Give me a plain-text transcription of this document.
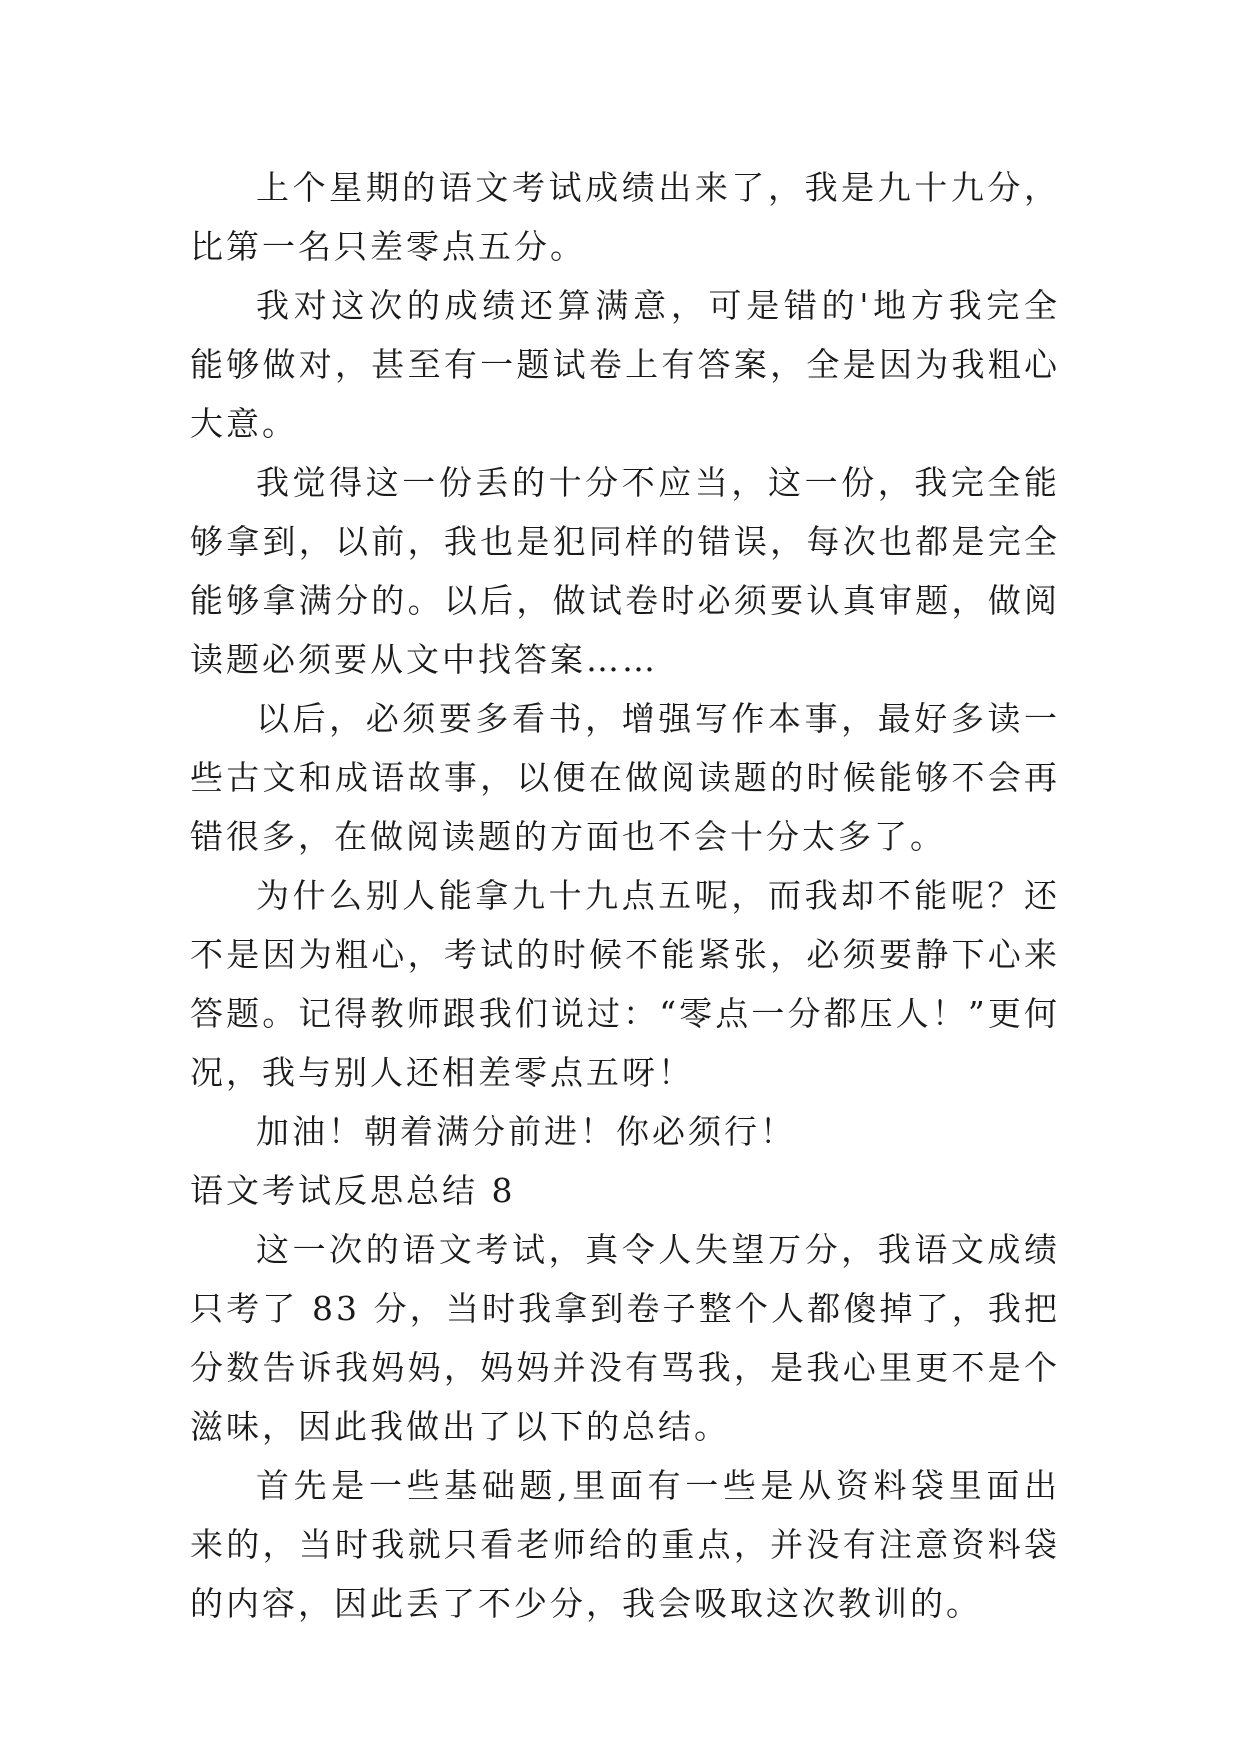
上个星期的语文考试成绩出来了，我是九十九分，比第一名只差零点五分。

我对这次的成绩还算满意，可是错的'地方我完全能够做对，甚至有一题试卷上有答案，全是因为我粗心大意。

我觉得这一份丢的十分不应当，这一份，我完全能够拿到，以前，我也是犯同样的错误，每次也都是完全能够拿满分的。以后，做试卷时必须要认真审题，做阅读题必须要从文中找答案……

以后，必须要多看书，增强写作本事，最好多读一些古文和成语故事，以便在做阅读题的时候能够不会再错很多，在做阅读题的方面也不会十分太多了。

为什么别人能拿九十九点五呢，而我却不能呢？还不是因为粗心，考试的时候不能紧张，必须要静下心来答题。记得教师跟我们说过：“零点一分都压人！”更何况，我与别人还相差零点五呀！

加油！朝着满分前进！你必须行！

语文考试反思总结 8

这一次的语文考试，真令人失望万分，我语文成绩只考了 83 分，当时我拿到卷子整个人都傻掉了，我把分数告诉我妈妈，妈妈并没有骂我，是我心里更不是个滋味，因此我做出了以下的总结。

首先是一些基础题,里面有一些是从资料袋里面出来的，当时我就只看老师给的重点，并没有注意资料袋的内容，因此丢了不少分，我会吸取这次教训的。
